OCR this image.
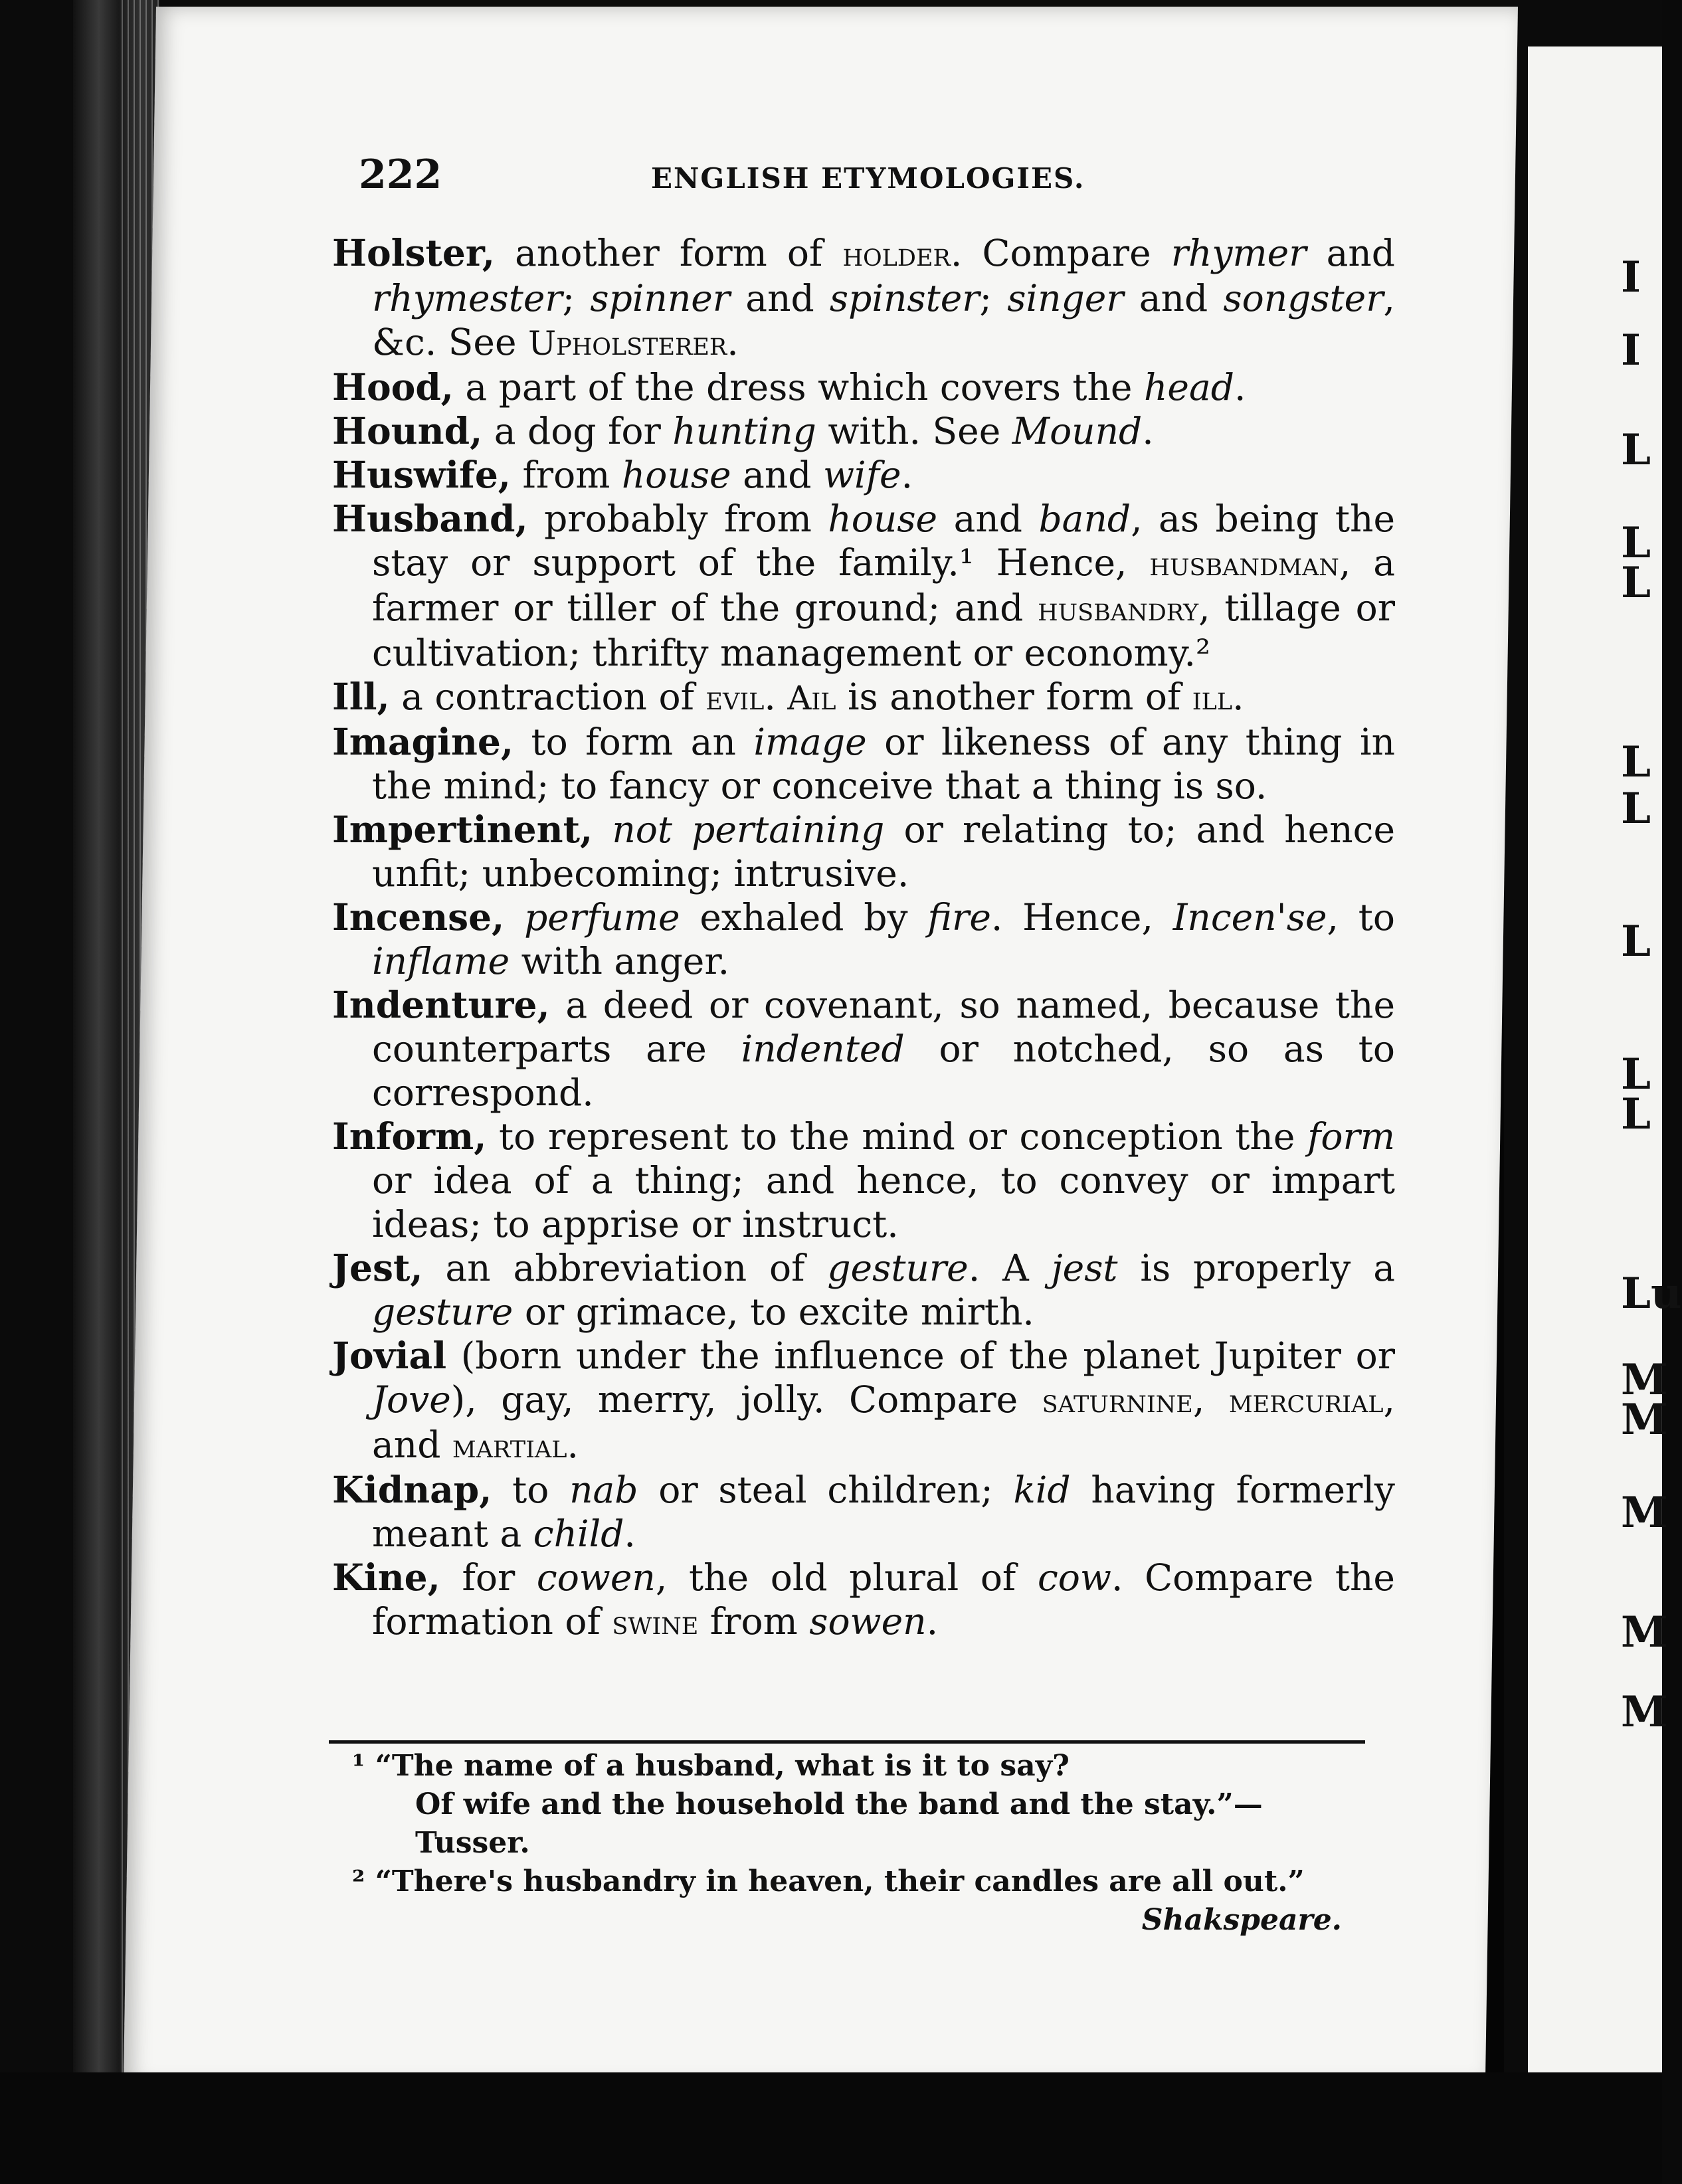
222	ENGLISH ETYMOLOGIES.

Holster, another form of holder. Compare rhymer and rhymester; spinner and spinster; singer and songster, &c. See Upholsterer.

Hood, a part of the dress which covers the head.

Hound, a dog for hunting with. See Mound.

Huswife, from house and wife.

Husband, probably from house and band, as being the stay or support of the family.¹ Hence, husbandman, a farmer or tiller of the ground; and husbandry, tillage or cultivation; thrifty management or economy.²

Ill, a contraction of evil. Ail is another form of ill.

Imagine, to form an image or likeness of any thing in the mind; to fancy or conceive that a thing is so.

Impertinent, not pertaining or relating to; and hence unfit; unbecoming; intrusive.

Incense, perfume exhaled by fire. Hence, Incen'se, to inflame with anger.

Indenture, a deed or covenant, so named, because the counterparts are indented or notched, so as to correspond.

Inform, to represent to the mind or conception the form or idea of a thing; and hence, to convey or impart ideas; to apprise or instruct.

Jest, an abbreviation of gesture. A jest is properly a gesture or grimace, to excite mirth.

Jovial (born under the influence of the planet Jupiter or Jove), gay, merry, jolly. Compare saturnine, mercurial, and martial.

Kidnap, to nab or steal children; kid having formerly meant a child.

Kine, for cowen, the old plural of cow. Compare the formation of swine from sowen.

¹ “The name of a husband, what is it to say?

Of wife and the household the band and the stay.”—Tusser.

² “There's husbandry in heaven, their candles are all out.”

Shakspeare.

I
I
L
L
L
L
L
L
L
L
Lu
M
M
M
M
M
